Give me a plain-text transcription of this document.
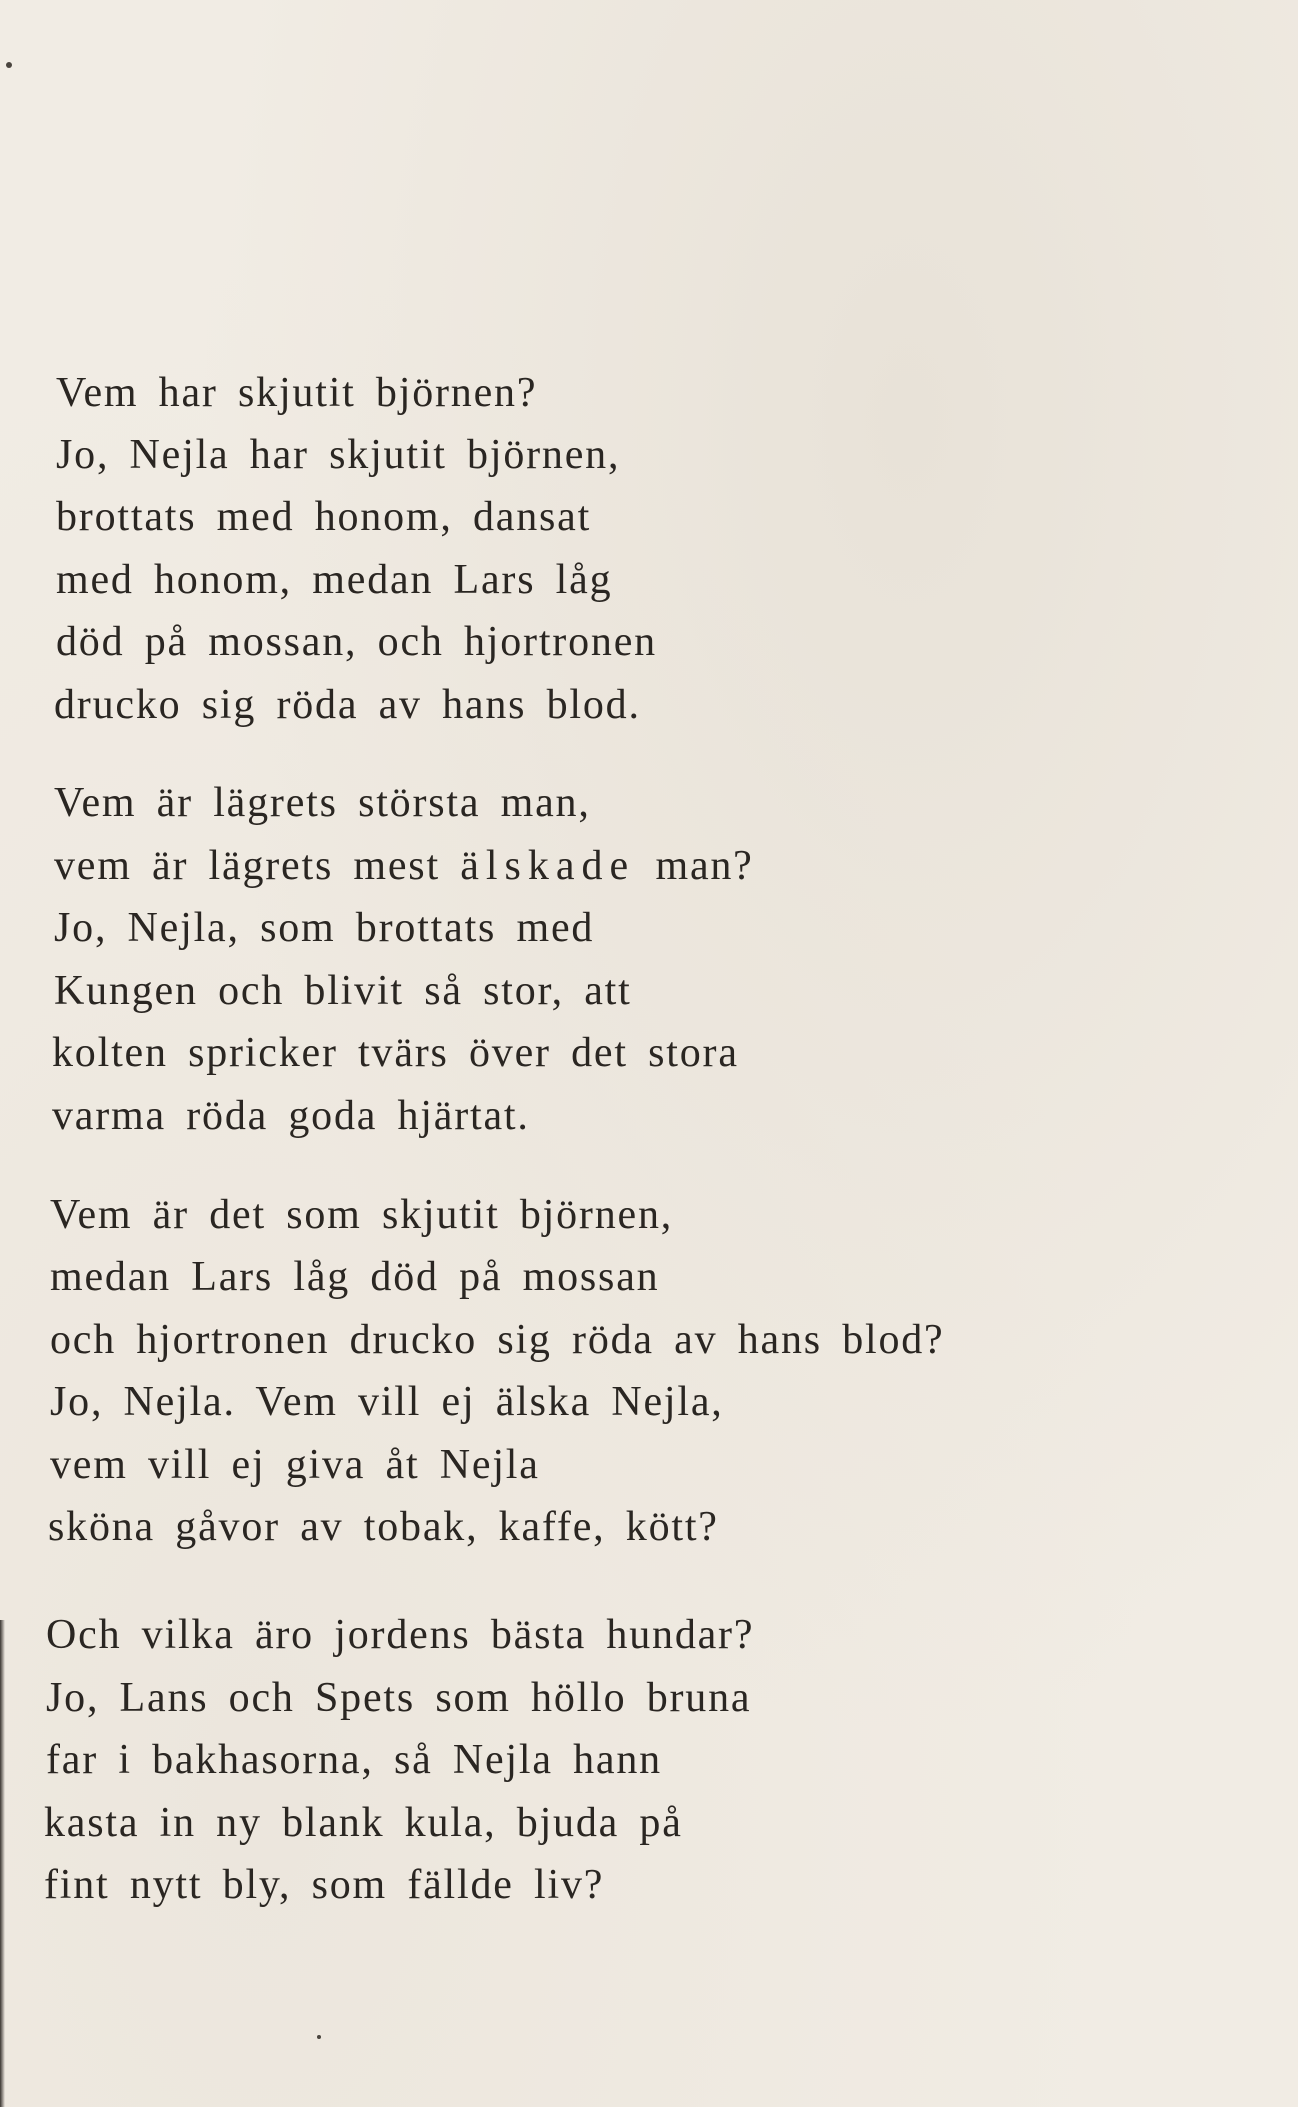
Vem har skjutit björnen?
Jo, Nejla har skjutit björnen,
brottats med honom, dansat
med honom, medan Lars låg
död på mossan, och hjortronen
drucko sig röda av hans blod.
Vem är lägrets största man,
vem är lägrets mest älskade man?
Jo, Nejla, som brottats med
Kungen och blivit så stor, att
kolten spricker tvärs över det stora
varma röda goda hjärtat.
Vem är det som skjutit björnen,
medan Lars låg död på mossan
och hjortronen drucko sig röda av hans blod?
Jo, Nejla. Vem vill ej älska Nejla,
vem vill ej giva åt Nejla
sköna gåvor av tobak, kaffe, kött?
Och vilka äro jordens bästa hundar?
Jo, Lans och Spets som höllo bruna
far i bakhasorna, så Nejla hann
kasta in ny blank kula, bjuda på
fint nytt bly, som fällde liv?
